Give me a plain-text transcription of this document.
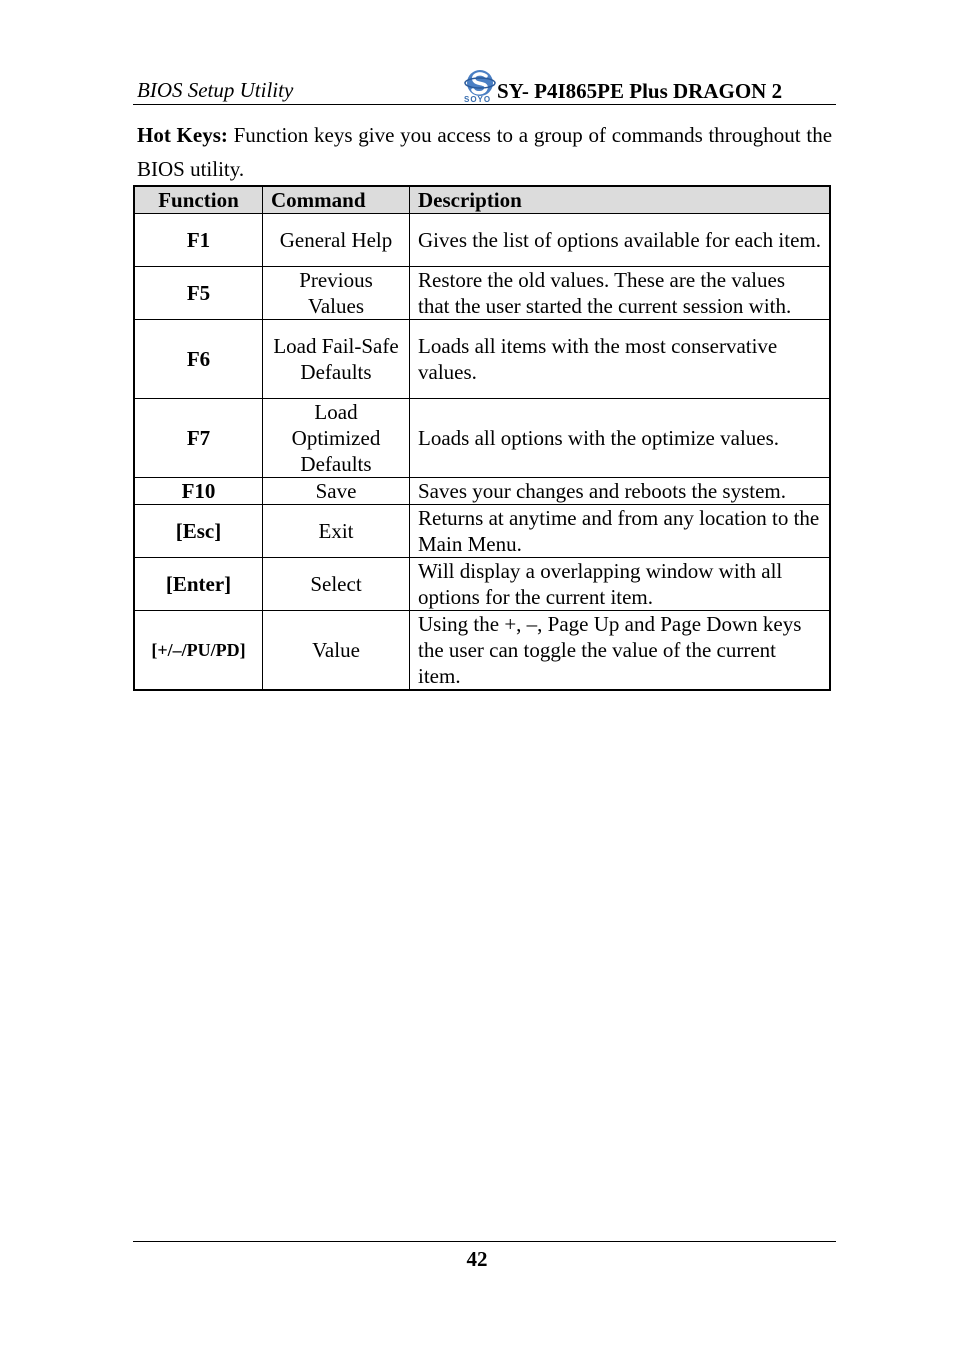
BIOS Setup Utility	SOYO SY- P4I865PE Plus DRAGON 2
Hot Keys: Function keys give you access to a group of commands throughout the BIOS utility.
Function	Command	Description
F1	General Help	Gives the list of options available for each item.
F5	Previous Values	Restore the old values. These are the values that the user started the current session with.
F6	Load Fail-Safe Defaults	Loads all items with the most conservative values.
F7	Load Optimized Defaults	Loads all options with the optimize values.
F10	Save	Saves your changes and reboots the system.
[Esc]	Exit	Returns at anytime and from any location to the Main Menu.
[Enter]	Select	Will display a overlapping window with all options for the current item.
[+/–/PU/PD]	Value	Using the +, –, Page Up and Page Down keys the user can toggle the value of the current item.
42
